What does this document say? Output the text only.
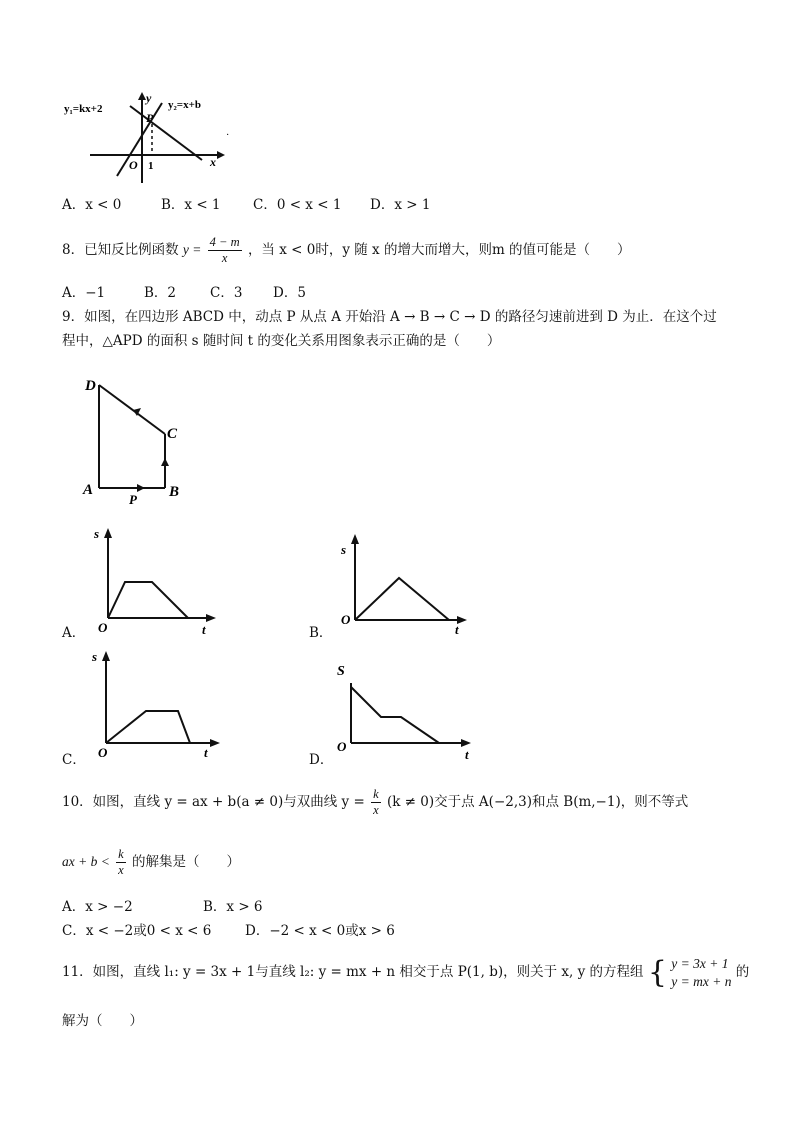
y₁=kx+2	y₂=x+b
y
x
P
O 1
·
A．x < 0	B．x < 1 C．0 < x < 1 D．x > 1
8．已知反比例函数 $y = \frac{4 - m}{x}$ ，当 x < 0时，y 随 x 的增大而增大，则m 的值可能是（　　）
A．−1	B．2	C．3 D．5
9．如图，在四边形 ABCD 中，动点 P 从点 A 开始沿 A → B → C → D 的路径匀速前进到 D 为止．在这个过
程中，△APD 的面积 s 随时间 t 的变化关系用图象表示正确的是（　　）
D
C
A	B
P
A．
s
O	t	B．
s
O
t
C．
s
O	t	D．
S
O
t
10．如图，直线 y = ax + b(a ≠ 0)与双曲线 $y = \frac{k}{x} (k \ne 0)$交于点 A(−2,3)和点 B(m,−1)，则不等式
ax + $b < \frac{k}{x}$ 的解集是（　　）
A．x > −2	B．x > 6
C．x < −2或0 < x < 6 D．−2 < x < 0或x > 6
11．如图，直线 l₁: y = 3x + 1与直线 l₂: y = mx + n 相交于点 P(1, b)，则关于 x, y 的方程组 { y = 3x + 1
y = mx + n
的
解为（　　）
